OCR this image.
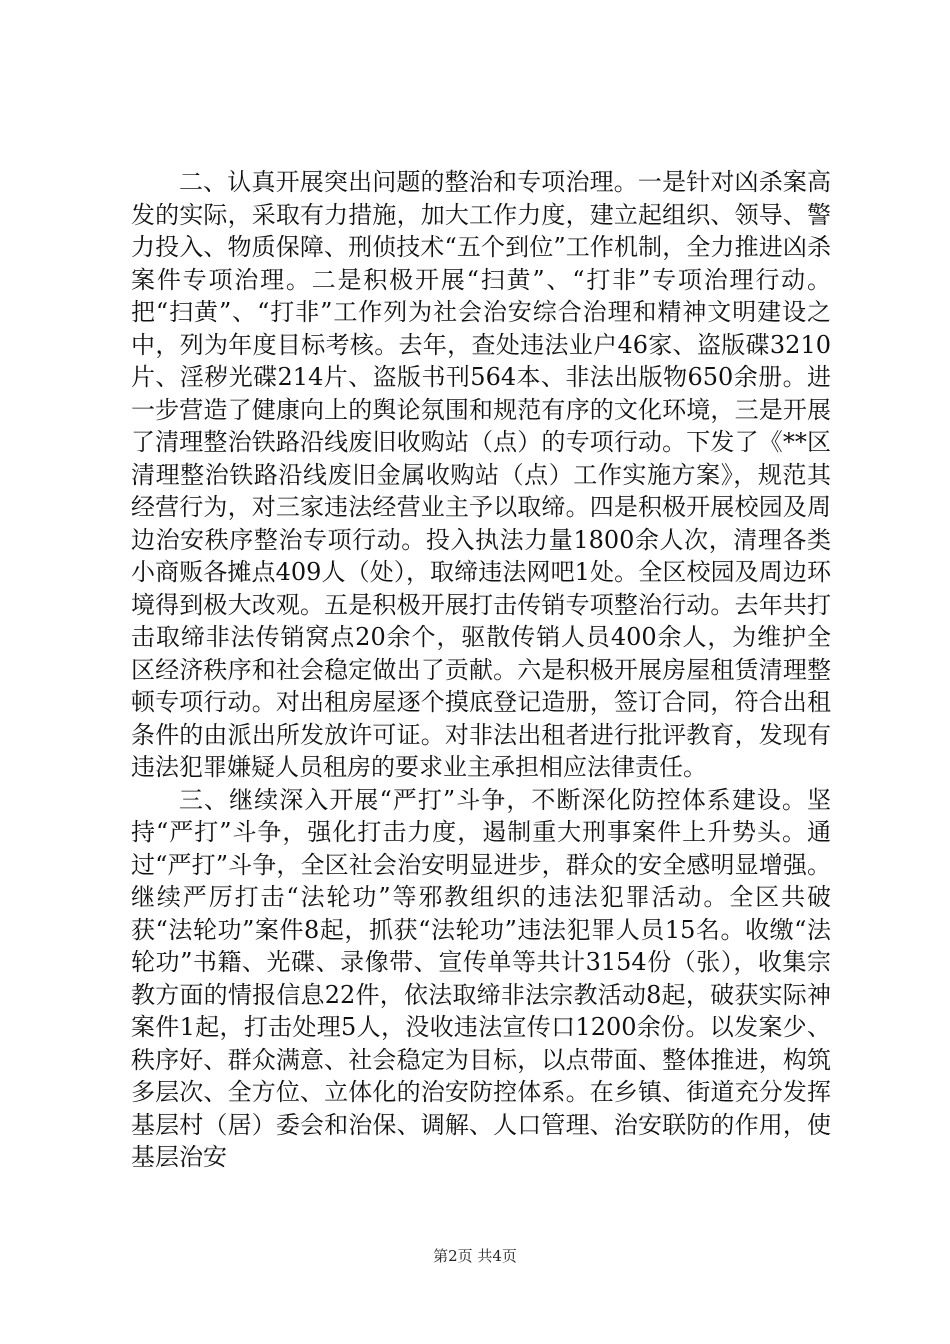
二、认真开展突出问题的整治和专项治理。一是针对凶杀案高发的实际，采取有力措施，加大工作力度，建立起组织、领导、警力投入、物质保障、刑侦技术“五个到位”工作机制，全力推进凶杀案件专项治理。二是积极开展“扫黄”、“打非”专项治理行动。把“扫黄”、“打非”工作列为社会治安综合治理和精神文明建设之中，列为年度目标考核。去年，查处违法业户46家、盗版碟3210片、淫秽光碟214片、盗版书刊564本、非法出版物650余册。进一步营造了健康向上的舆论氛围和规范有序的文化环境，三是开展了清理整治铁路沿线废旧收购站（点）的专项行动。下发了《**区清理整治铁路沿线废旧金属收购站（点）工作实施方案》，规范其经营行为，对三家违法经营业主予以取缔。四是积极开展校园及周边治安秩序整治专项行动。投入执法力量1800余人次，清理各类小商贩各摊点409人（处），取缔违法网吧1处。全区校园及周边环境得到极大改观。五是积极开展打击传销专项整治行动。去年共打击取缔非法传销窝点20余个，驱散传销人员400余人，为维护全区经济秩序和社会稳定做出了贡献。六是积极开展房屋租赁清理整顿专项行动。对出租房屋逐个摸底登记造册，签订合同，符合出租条件的由派出所发放许可证。对非法出租者进行批评教育，发现有违法犯罪嫌疑人员租房的要求业主承担相应法律责任。

三、继续深入开展“严打”斗争，不断深化防控体系建设。坚持“严打”斗争，强化打击力度，遏制重大刑事案件上升势头。通过“严打”斗争，全区社会治安明显进步，群众的安全感明显增强。继续严厉打击“法轮功”等邪教组织的违法犯罪活动。全区共破获“法轮功”案件8起，抓获“法轮功”违法犯罪人员15名。收缴“法轮功”书籍、光碟、录像带、宣传单等共计3154份（张），收集宗教方面的情报信息22件，依法取缔非法宗教活动8起，破获实际神案件1起，打击处理5人，没收违法宣传口1200余份。以发案少、秩序好、群众满意、社会稳定为目标，以点带面、整体推进，构筑多层次、全方位、立体化的治安防控体系。在乡镇、街道充分发挥基层村（居）委会和治保、调解、人口管理、治安联防的作用，使基层治安

第2页 共4页
